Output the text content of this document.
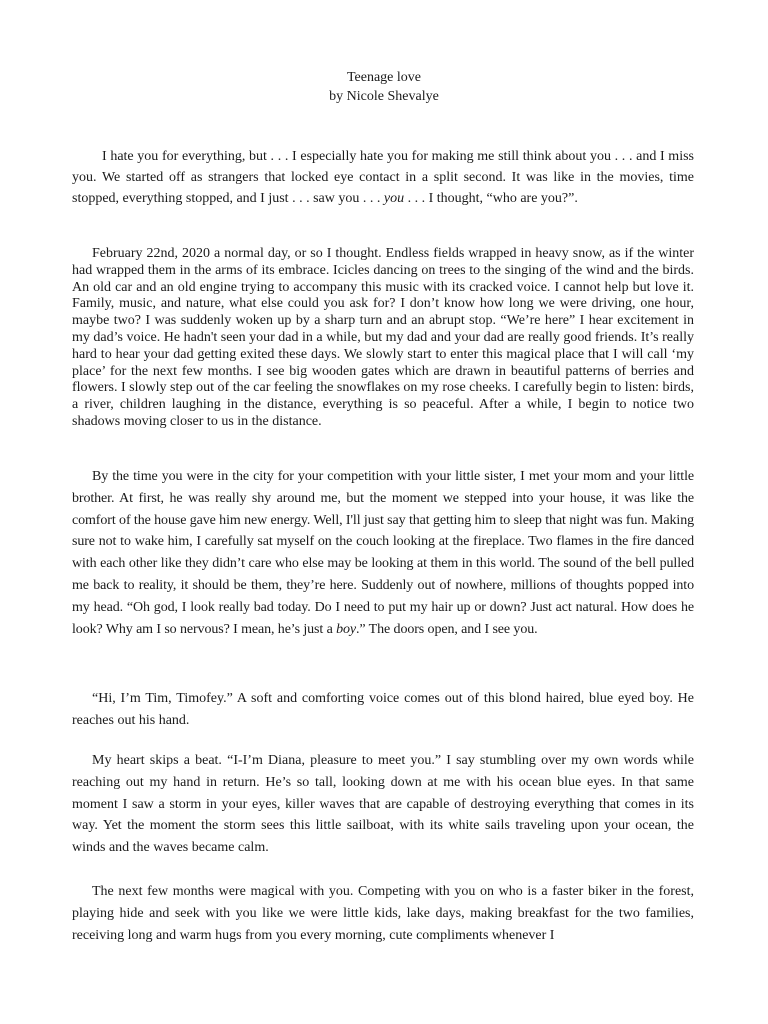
Teenage love
by Nicole Shevalye

I hate you for everything, but . . . I especially hate you for making me still think about you . . . and I miss you. We started off as strangers that locked eye contact in a split second. It was like in the movies, time stopped, everything stopped, and I just . . . saw you . . . you . . . I thought, “who are you?”.

February 22nd, 2020 a normal day, or so I thought. Endless fields wrapped in heavy snow, as if the winter had wrapped them in the arms of its embrace. Icicles dancing on trees to the singing of the wind and the birds. An old car and an old engine trying to accompany this music with its cracked voice. I cannot help but love it. Family, music, and nature, what else could you ask for? I don’t know how long we were driving, one hour, maybe two? I was suddenly woken up by a sharp turn and an abrupt stop. “We’re here” I hear excitement in my dad’s voice. He hadn't seen your dad in a while, but my dad and your dad are really good friends. It’s really hard to hear your dad getting exited these days. We slowly start to enter this magical place that I will call ‘my place’ for the next few months. I see big wooden gates which are drawn in beautiful patterns of berries and flowers. I slowly step out of the car feeling the snowflakes on my rose cheeks. I carefully begin to listen: birds, a river, children laughing in the distance, everything is so peaceful. After a while, I begin to notice two shadows moving closer to us in the distance.

By the time you were in the city for your competition with your little sister, I met your mom and your little brother. At first, he was really shy around me, but the moment we stepped into your house, it was like the comfort of the house gave him new energy. Well, I'll just say that getting him to sleep that night was fun. Making sure not to wake him, I carefully sat myself on the couch looking at the fireplace. Two flames in the fire danced with each other like they didn’t care who else may be looking at them in this world. The sound of the bell pulled me back to reality, it should be them, they’re here. Suddenly out of nowhere, millions of thoughts popped into my head. “Oh god, I look really bad today. Do I need to put my hair up or down? Just act natural. How does he look? Why am I so nervous? I mean, he’s just a boy.” The doors open, and I see you.

“Hi, I’m Tim, Timofey.” A soft and comforting voice comes out of this blond haired, blue eyed boy. He reaches out his hand.

My heart skips a beat. “I-I’m Diana, pleasure to meet you.” I say stumbling over my own words while reaching out my hand in return. He’s so tall, looking down at me with his ocean blue eyes. In that same moment I saw a storm in your eyes, killer waves that are capable of destroying everything that comes in its way. Yet the moment the storm sees this little sailboat, with its white sails traveling upon your ocean, the winds and the waves became calm.

The next few months were magical with you. Competing with you on who is a faster biker in the forest, playing hide and seek with you like we were little kids, lake days, making breakfast for the two families, receiving long and warm hugs from you every morning, cute compliments whenever I
